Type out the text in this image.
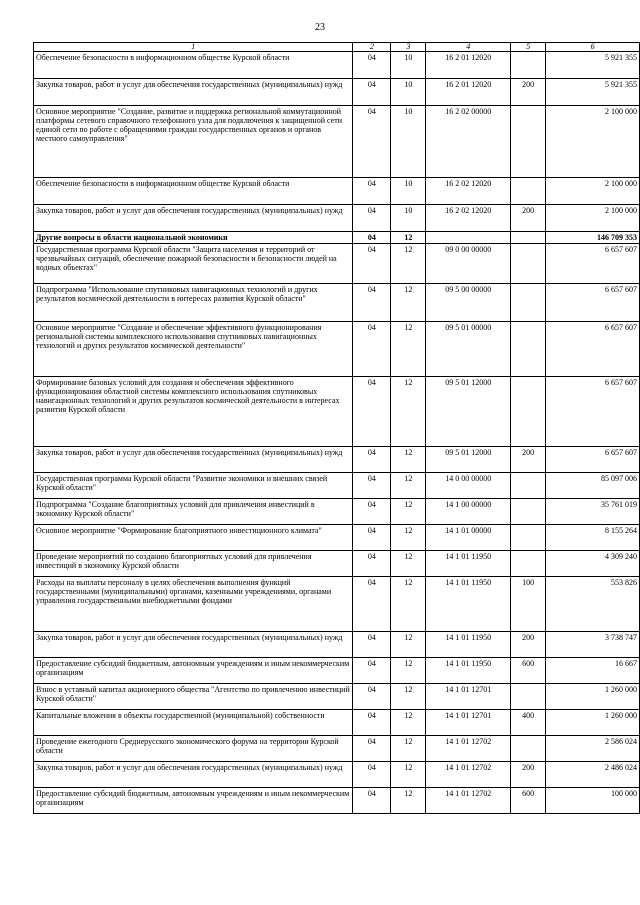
23
1	2	3	4	5	6
Обеспечение безопасности в информационном обществе Курской области	04	10	16 2 01 12020		5 921 355
Закупка товаров, работ и услуг для обеспечения государственных (муниципальных) нужд	04	10	16 2 01 12020	200	5 921 355
Основное мероприятие "Создание, развитие и поддержка региональной коммутационной платформы сетевого справочного телефонного узла для подключения к защищенной сети единой сети по работе с обращениями граждан государственных органов и органов местного самоуправления"	04	10	16 2 02 00000		2 100 000
Обеспечение безопасности в информационном обществе Курской области	04	10	16 2 02 12020		2 100 000
Закупка товаров, работ и услуг для обеспечения государственных (муниципальных) нужд	04	10	16 2 02 12020	200	2 100 000
Другие вопросы в области национальной экономики	04	12			146 709 353
Государственная программа Курской области "Защита населения и территорий от чрезвычайных ситуаций, обеспечение пожарной безопасности и безопасности людей на водных объектах"	04	12	09 0 00 00000		6 657 607
Подпрограмма "Использование спутниковых навигационных технологий и других результатов космической деятельности в интересах развития Курской области"	04	12	09 5 00 00000		6 657 607
Основное мероприятие "Создание и обеспечение эффективного функционирования региональной системы комплексного использования спутниковых навигационных технологий и других результатов космической деятельности"	04	12	09 5 01 00000		6 657 607
Формирование базовых условий для создания и обеспечения эффективного функционирования областной системы комплексного использования спутниковых навигационных технологий и других результатов космической деятельности в интересах развития Курской области	04	12	09 5 01 12000		6 657 607
Закупка товаров, работ и услуг для обеспечения государственных (муниципальных) нужд	04	12	09 5 01 12000	200	6 657 607
Государственная программа Курской области "Развитие экономики и внешних связей Курской области"	04	12	14 0 00 00000		85 097 006
Подпрограмма "Создание благоприятных условий для привлечения инвестиций в экономику Курской области"	04	12	14 1 00 00000		35 761 019
Основное мероприятие "Формирование благоприятного инвестиционного климата"	04	12	14 1 01 00000		8 155 264
Проведение мероприятий по созданию благоприятных условий для привлечения инвестиций в экономику Курской области	04	12	14 1 01 11950		4 309 240
Расходы на выплаты персоналу в целях обеспечения выполнения функций государственными (муниципальными) органами, казенными учреждениями, органами управления государственными внебюджетными фондами	04	12	14 1 01 11950	100	553 826
Закупка товаров, работ и услуг для обеспечения государственных (муниципальных) нужд	04	12	14 1 01 11950	200	3 738 747
Предоставление субсидий бюджетным, автономным учреждениям и иным некоммерческим организациям	04	12	14 1 01 11950	600	16 667
Взнос в уставный капитал акционерного общества "Агентство по привлечению инвестиций Курской области"	04	12	14 1 01 12701		1 260 000
Капитальные вложения в объекты государственной (муниципальной) собственности	04	12	14 1 01 12701	400	1 260 000
Проведение ежегодного Среднерусского экономического форума на территории Курской области	04	12	14 1 01 12702		2 586 024
Закупка товаров, работ и услуг для обеспечения государственных (муниципальных) нужд	04	12	14 1 01 12702	200	2 486 024
Предоставление субсидий бюджетным, автономным учреждениям и иным некоммерческим организациям	04	12	14 1 01 12702	600	100 000
